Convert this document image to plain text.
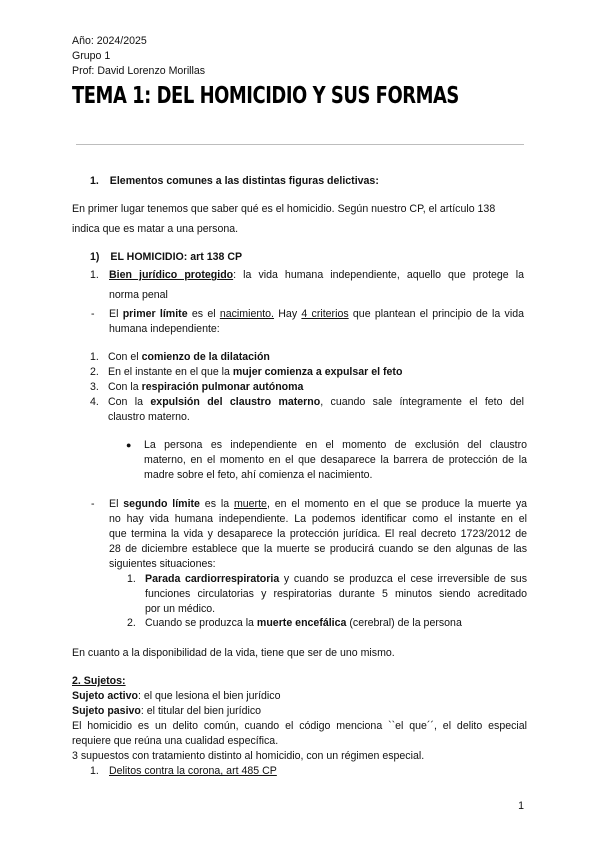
Año: 2024/2025
Grupo 1
Prof: David Lorenzo Morillas
TEMA 1: DEL HOMICIDIO Y SUS FORMAS
1. Elementos comunes a las distintas figuras delictivas:
En primer lugar tenemos que saber qué es el homicidio. Según nuestro CP, el artículo 138
indica que es matar a una persona.
1) EL HOMICIDIO: art 138 CP
1. Bien jurídico protegido: la vida humana independiente, aquello que protege la
norma penal
- El primer límite es el nacimiento. Hay 4 criterios que plantean el principio de la vida
humana independiente:
1. Con el comienzo de la dilatación
2. En el instante en el que la mujer comienza a expulsar el feto
3. Con la respiración pulmonar autónoma
4. Con la expulsión del claustro materno, cuando sale íntegramente el feto del
claustro materno.
● La persona es independiente en el momento de exclusión del claustro
materno, en el momento en el que desaparece la barrera de protección de la
madre sobre el feto, ahí comienza el nacimiento.
- El segundo límite es la muerte, en el momento en el que se produce la muerte ya
no hay vida humana independiente. La podemos identificar como el instante en el
que termina la vida y desaparece la protección jurídica. El real decreto 1723/2012 de
28 de diciembre establece que la muerte se producirá cuando se den algunas de las
siguientes situaciones:
1. Parada cardiorrespiratoria y cuando se produzca el cese irreversible de sus
funciones circulatorias y respiratorias durante 5 minutos siendo acreditado
por un médico.
2. Cuando se produzca la muerte encefálica (cerebral) de la persona
En cuanto a la disponibilidad de la vida, tiene que ser de uno mismo.
2. Sujetos:
Sujeto activo: el que lesiona el bien jurídico
Sujeto pasivo: el titular del bien jurídico
El homicidio es un delito común, cuando el código menciona ``el que´´, el delito especial
requiere que reúna una cualidad específica.
3 supuestos con tratamiento distinto al homicidio, con un régimen especial.
1. Delitos contra la corona, art 485 CP
1
